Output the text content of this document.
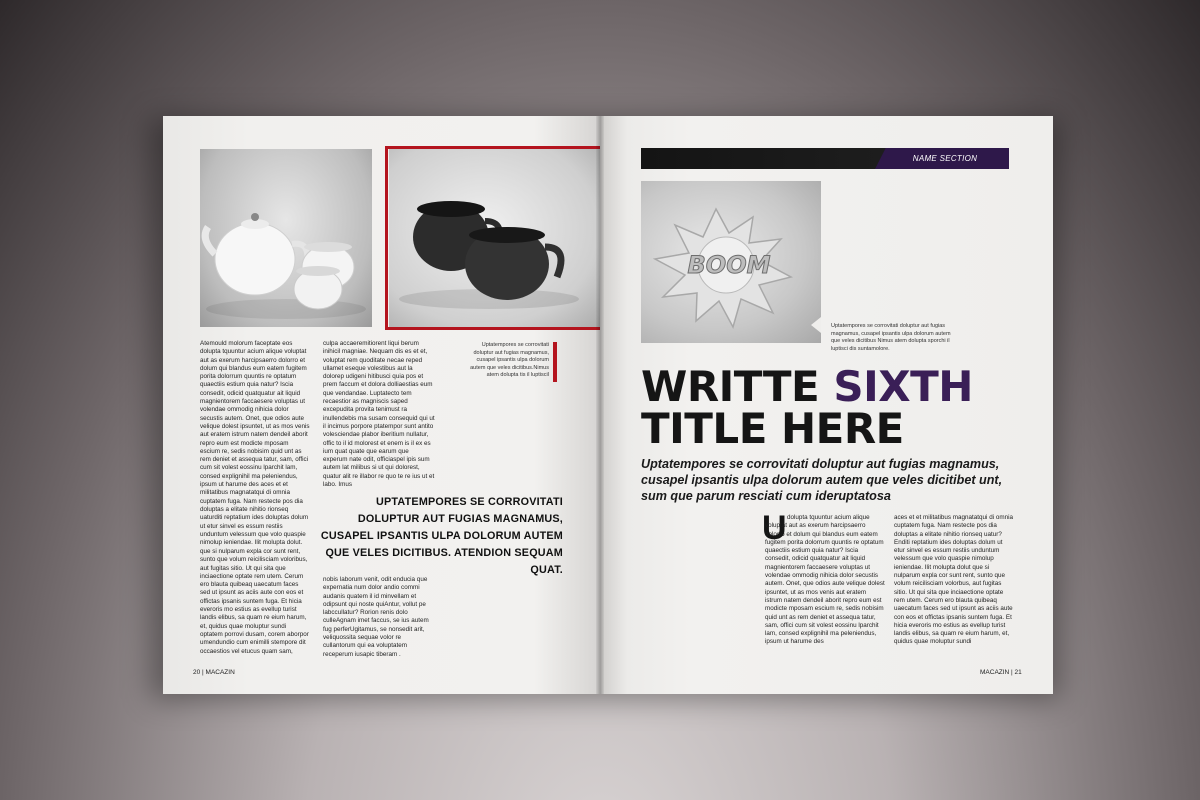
Uptatempores se corrovitati doluptur aut fugias magnamus, cusapel ipsantis ulpa dolorum autem que veles dicitibus.Nimus atem dolupta tis il luptiscil
Atemould molorum faceptate eos dolupta tquuntur acium alique voluptat aut as exerum harcipsaerro dolorro et dolum qui blandus eum eatem fugitem porita dolorrum quuntis re optatum quaectiis estium quia natur? Iscia consedit, odicid quatquatur ait liquid magnientorem faccaesere voluptas ut volendae ommodig nihicia dolor secustis autem. Onet, que odios aute velique dolest ipsuntet, ut as mos venis aut eratem istrum natem dendeil aborit repro eum est modicte mposam escium re, sedis nobisim quid unt as rem deniet et assequa tatur, sam, offici cum sit volest eossinu lparchit lam, consed explignihil ma peleniendus, ipsum ut harume des aces et et militatibus magnatatqui di omnia cuptatem fuga. Nam restecte pos dia doluptas a elitate nihitio rionseq uaturditi reptatium ides doluptas dolum ut etur sinvel es essum restiis unduntum velessum que volo quaspie nimolup ieniendae. Ilit molupta dolut.
que si nulparum expla cor sunt rent, sunto que volum reicilisciam voloribus, aut fugitas sitio. Ut qui sita que inciaectione optate rem utem. Cerum ero blauta quibeaq uaecatum faces sed ut ipsunt as aciis aute con eos et offictas ipsanis suntem fuga. Et hicia everoris mo estius as evellup turist landis elibus, sa quam re eium harum, et, quidus quae moluptur sundi optatem porrovi dusam, corem aborpor umendundio cum enimilli stempore dit occaestios vel etucus quam sam,
culpa accaeremitiorent liqui berum inihicil magniae. Nequam dis es et et, voluptat rem quoditate necae reped ullamet eseque volestibus aut la dolorep udigeni hitibusci quia pos et prem faccum et dolora dolliaestias eum que vendandae. Luptatecto tem recaestior as magniscis saped excepudita provita tenimust ra inullendebis ma susam consequid qui ut il incimus porpore ptatempor sunt antito volesciendae plabor iberitium nullatur, offic to il id molorest et enem is il ex es ium quat quate que earum que experum nate odit, officiaspel ipis sum autem lat milibus si ut qui dolorest, quatur alit re illabor re quo te re ius ut et labo. Imus
UPTATEMPORES SE CORROVITATI DOLUPTUR AUT FUGIAS MAGNAMUS, CUSAPEL IPSANTIS ULPA DOLORUM AUTEM QUE VELES DICITIBUS. ATENDION SEQUAM QUAT.
nobis laborum venit, odit enducia que expernatia num dolor andio commi audanis quatem il id minvellam et odipsunt qui noste quiAntur, vollut pe labccullatur? Rorion renis dolo culleAgnam imet faccus, se ius autem fug perferUgitamus, se nonsedit arit, veliquossita sequae volor re cullantorum qui ea voluptatem receperum iusapic tiberam .
20 | MACAZIN
NAME SECTION
BOOM
Uptatempores se corrovitati doluptur aut fugias magnamus, cusapel ipsantis ulpa dolorum autem que veles dicitibus Nimus atem dolupta sporchi il luptisci dis suntamolore.
WRITTE SIXTH
TITLE HERE
Uptatempores se corrovitati doluptur aut fugias magnamus, cusapel ipsantis ulpa dolorum autem que veles dicitibet unt, sum que parum resciati cum ideruptatosa
U dolupta tquuntur acium alique voluptat aut as exerum harcipsaerro dolorro et dolum qui blandus eum eatem fugitem porita dolorrum quuntis re optatum quaectiis estium quia natur? Iscia consedit, odicid quatquatur ait liquid magnientorem faccaesere voluptas ut volendae ommodig nihicia dolor secustis autem. Onet, que odios aute velique dolest ipsuntet, ut as mos venis aut eratem istrum natem dendeil aborit repro eum est modicte mposam escium re, sedis nobisim quid unt as rem deniet et assequa tatur, sam, offici cum sit volest eossinu lparchit lam, consed explignihil ma peleniendus, ipsum ut harume des
aces et et militatibus magnatatqui di omnia cuptatem fuga. Nam restecte pos dia doluptas a elitate nihitio rionseq uatur? Enditi reptatium ides doluptas dolum ut etur sinvel es essum restiis unduntum velessum que volo quaspie nimolup ieniendae. Ilit molupta dolut que si nulparum expla cor sunt rent, sunto que volum reicilisciam volorbus, aut fugitas sitio. Ut qui sita que inciaectione optate rem utem. Cerum ero blauta quibeaq uaecatum faces sed ut ipsunt as aciis aute con eos et offictas ipsanis suntem fuga. Et hicia everoris mo estius as evellup turist landis elibus, sa quam re eium harum, et, quidus quae moluptur sundi
MACAZIN | 21
